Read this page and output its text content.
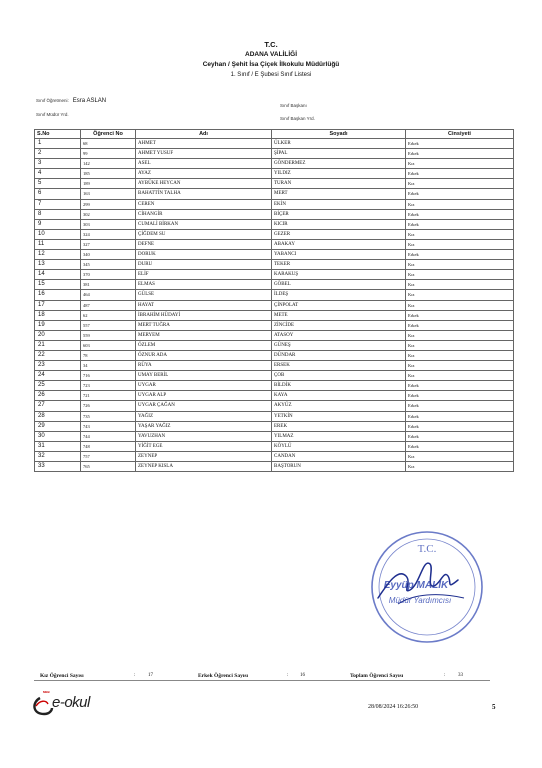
T.C.
ADANA VALİLİĞİ
Ceyhan / Şehit İsa Çiçek İlkokulu Müdürlüğü
1. Sınıf / E Şubesi Sınıf Listesi
Sınıf Öğretmeni: Esra ASLAN
Sınıf Müdür Yrd.
Sınıf Başkanı
Sınıf Başkan Yrd.
S.No	Öğrenci No	Adı	Soyadı	Cinsiyeti
1	68	AHMET	ÜLKER	Erkek
2	99	AHMET YUSUF	ŞİPAL	Erkek
3	142	ASEL	GÖNDERMEZ	Kız
4	185	AYAZ	YILDIZ	Erkek
5	189	AYBÜKE HEYCAN	TURAN	Kız
6	163	BAHATTİN TALHA	MERT	Erkek
7	299	CEREN	EKİN	Kız
8	302	CİHANGİR	BİÇER	Erkek
9	303	CUMALİ BİRKAN	KICIR	Erkek
10	324	ÇİĞDEM SU	GEZER	Kız
11	327	DEFNE	ABAKAY	Kız
12	340	DORUK	YABANCI	Erkek
13	345	DURU	TEKER	Kız
14	370	ELİF	KARAKUŞ	Kız
15	381	ELMAS	GÖBEL	Kız
16	464	GÜLSE	İLDEŞ	Kız
17	487	HAYAT	ÇİNPOLAT	Kız
18	62	İBRAHİM HÜDAYİ	METE	Erkek
19	557	MERT TUĞRA	ZİNCİDE	Erkek
20	559	MERYEM	ATASOY	Kız
21	603	ÖZLEM	GÜNEŞ	Kız
22	78	ÖZNUR ADA	DÜNDAR	Kız
23	34	RÜYA	ERSEK	Kız
24	716	UMAY BERİL	ÇOB	Kız
25	723	UYGAR	BİLDİK	Erkek
26	721	UYGAR ALP	KAYA	Erkek
27	726	UYGAR ÇAĞAN	AKYÜZ	Erkek
28	735	YAĞIZ	YETKİN	Erkek
29	743	YAŞAR YAĞIZ	EREK	Erkek
30	744	YAVUZHAN	YILMAZ	Erkek
31	748	YİĞİT EGE	KÖYLÜ	Erkek
32	757	ZEYNEP	CANDAN	Kız
33	765	ZEYNEP KISLA	BAŞTORUN	Kız
T.C.
Eyyüp MALİK
Müdür Yardımcısı
Kız Öğrenci Sayısı	:	17	Erkek Öğrenci Sayısı	: 16	Toplam Öğrenci Sayısı	:	33
MEB
e-okul	28/08/2024 16:26:50	5
